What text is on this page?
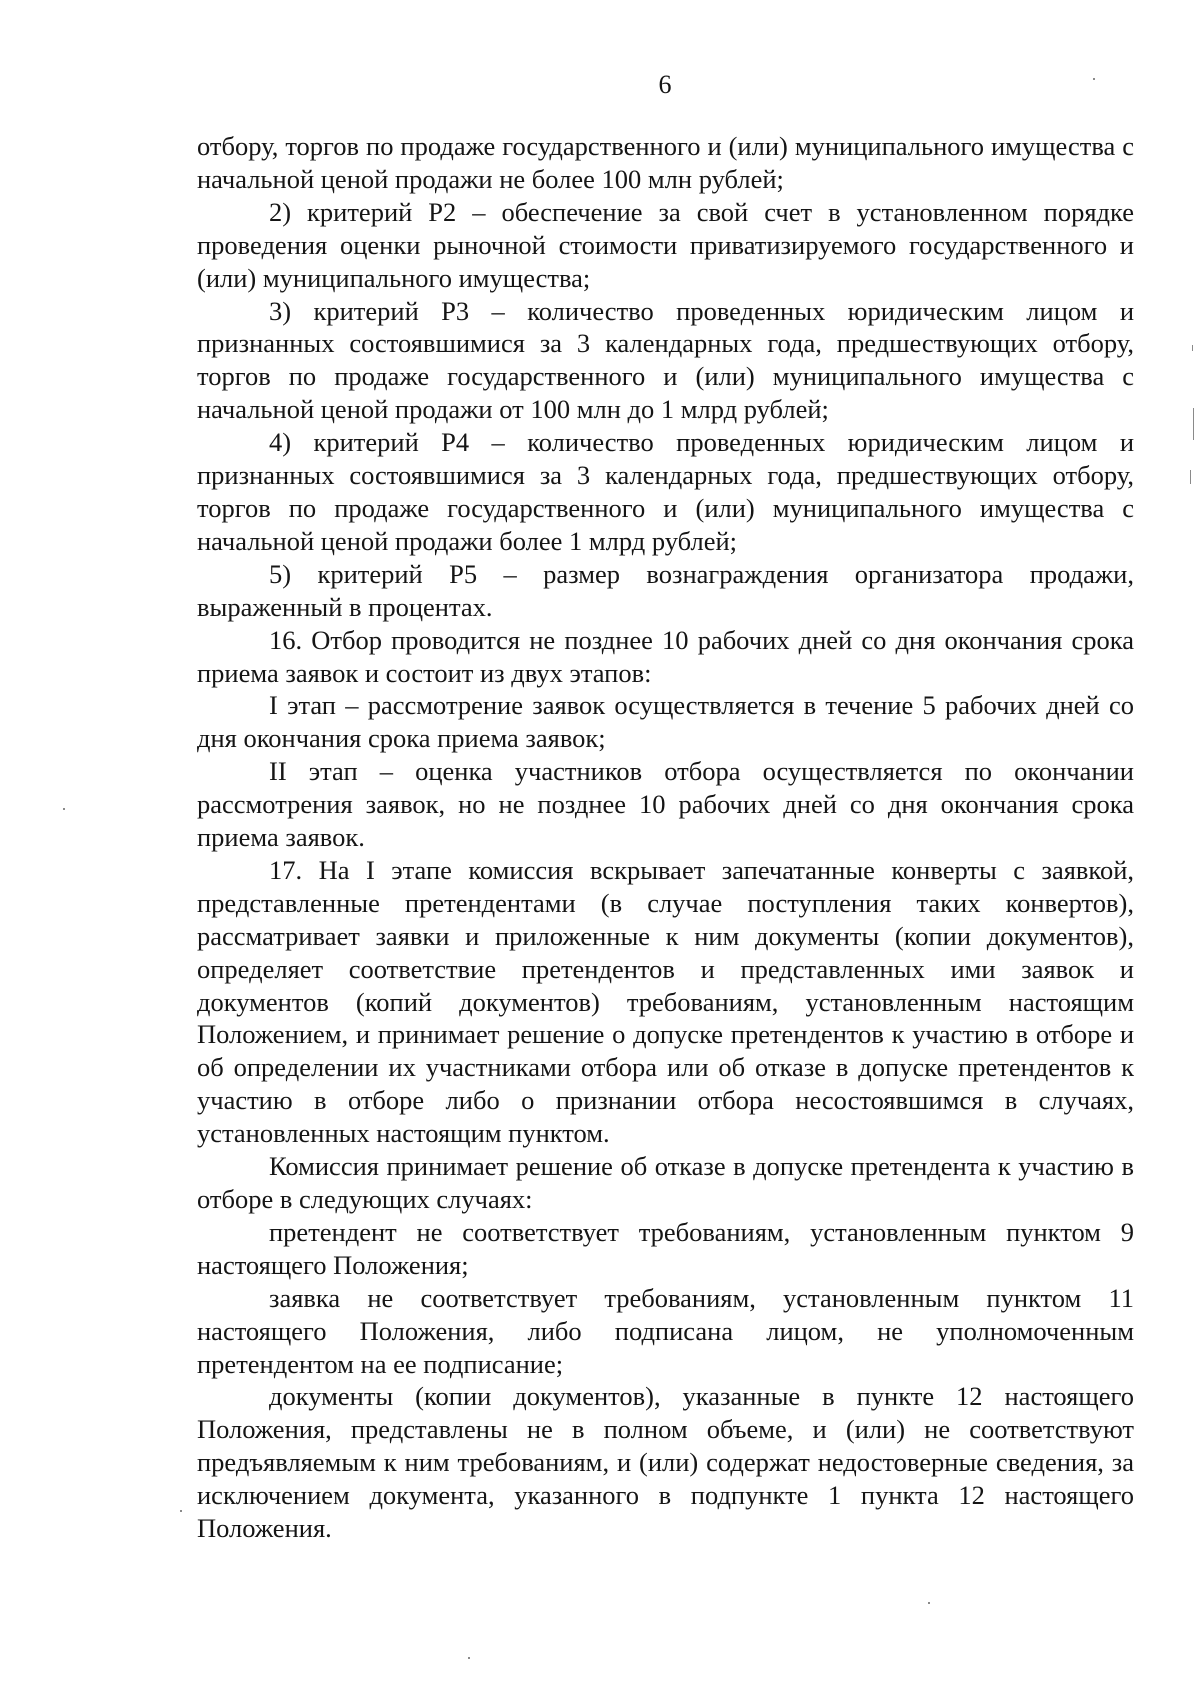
6

отбору, торгов по продаже государственного и (или) муниципального имущества с начальной ценой продажи не более 100 млн рублей;

2) критерий Р2 – обеспечение за свой счет в установленном порядке проведения оценки рыночной стоимости приватизируемого государственного и (или) муниципального имущества;

3) критерий Р3 – количество проведенных юридическим лицом и признанных состоявшимися за 3 календарных года, предшествующих отбору, торгов по продаже государственного и (или) муниципального имущества с начальной ценой продажи от 100 млн до 1 млрд рублей;

4) критерий Р4 – количество проведенных юридическим лицом и признанных состоявшимися за 3 календарных года, предшествующих отбору, торгов по продаже государственного и (или) муниципального имущества с начальной ценой продажи более 1 млрд рублей;

5) критерий Р5 – размер вознаграждения организатора продажи, выраженный в процентах.

16. Отбор проводится не позднее 10 рабочих дней со дня окончания срока приема заявок и состоит из двух этапов:

I этап – рассмотрение заявок осуществляется в течение 5 рабочих дней со дня окончания срока приема заявок;

II этап – оценка участников отбора осуществляется по окончании рассмотрения заявок, но не позднее 10 рабочих дней со дня окончания срока приема заявок.

17. На I этапе комиссия вскрывает запечатанные конверты с заявкой, представленные претендентами (в случае поступления таких конвертов), рассматривает заявки и приложенные к ним документы (копии документов), определяет соответствие претендентов и представленных ими заявок и документов (копий документов) требованиям, установленным настоящим Положением, и принимает решение о допуске претендентов к участию в отборе и об определении их участниками отбора или об отказе в допуске претендентов к участию в отборе либо о признании отбора несостоявшимся в случаях, установленных настоящим пунктом.

Комиссия принимает решение об отказе в допуске претендента к участию в отборе в следующих случаях:

претендент не соответствует требованиям, установленным пунктом 9 настоящего Положения;

заявка не соответствует требованиям, установленным пунктом 11 настоящего Положения, либо подписана лицом, не уполномоченным претендентом на ее подписание;

документы (копии документов), указанные в пункте 12 настоящего Положения, представлены не в полном объеме, и (или) не соответствуют предъявляемым к ним требованиям, и (или) содержат недостоверные сведения, за исключением документа, указанного в подпункте 1 пункта 12 настоящего Положения.
